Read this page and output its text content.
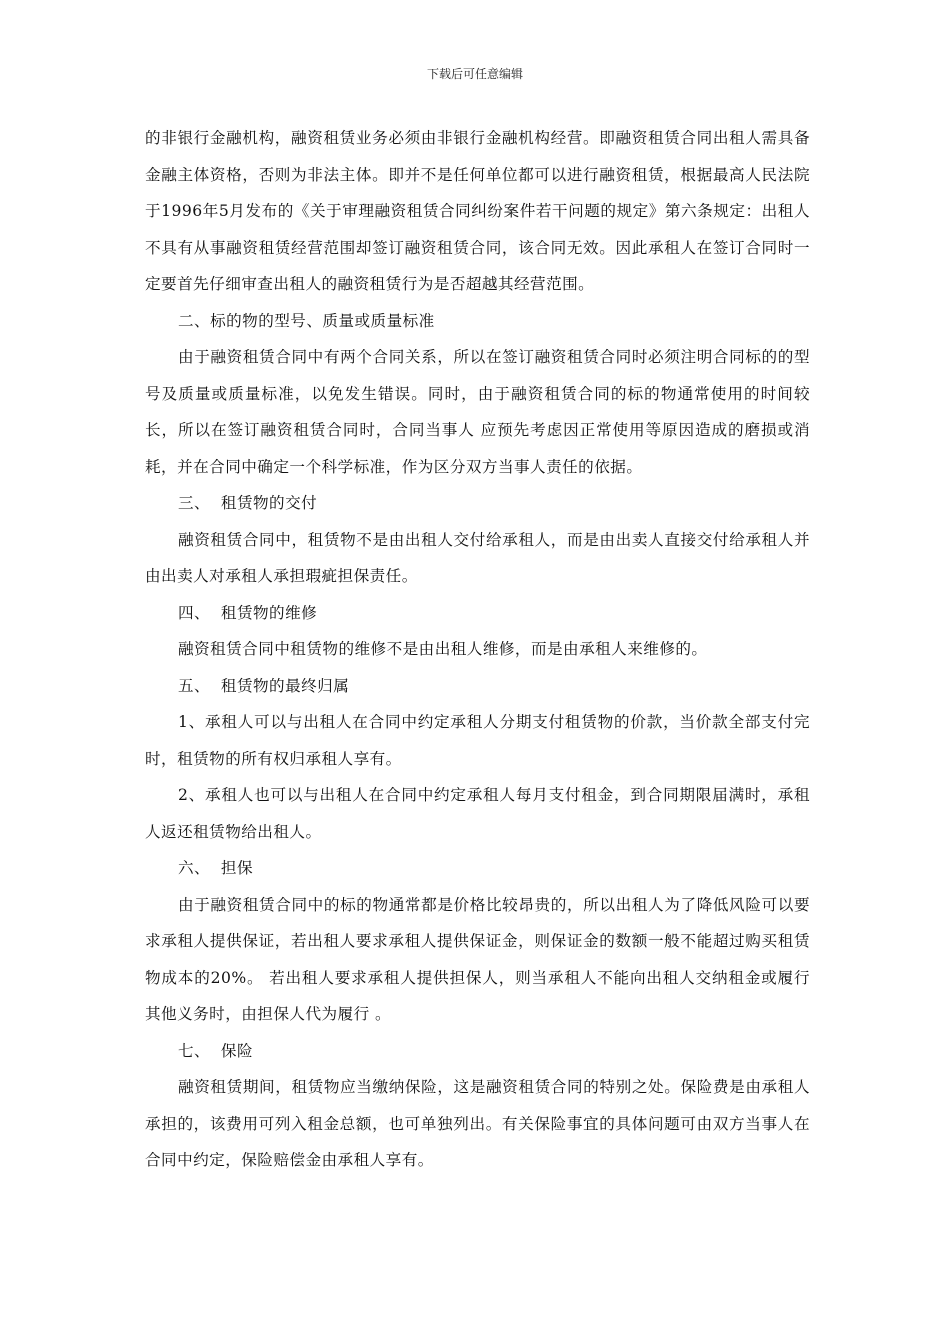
下载后可任意编辑

的非银行金融机构，融资租赁业务必须由非银行金融机构经营。即融资租赁合同出租人需具备金融主体资格，否则为非法主体。即并不是任何单位都可以进行融资租赁，根据最高人民法院于1996年5月发布的《关于审理融资租赁合同纠纷案件若干问题的规定》第六条规定：出租人不具有从事融资租赁经营范围却签订融资租赁合同，该合同无效。因此承租人在签订合同时一定要首先仔细审查出租人的融资租赁行为是否超越其经营范围。

二、标的物的型号、质量或质量标准

由于融资租赁合同中有两个合同关系，所以在签订融资租赁合同时必须注明合同标的的型号及质量或质量标准，以免发生错误。同时，由于融资租赁合同的标的物通常使用的时间较长，所以在签订融资租赁合同时，合同当事人 应预先考虑因正常使用等原因造成的磨损或消耗，并在合同中确定一个科学标准，作为区分双方当事人责任的依据。

三、  租赁物的交付

融资租赁合同中，租赁物不是由出租人交付给承租人，而是由出卖人直接交付给承租人并由出卖人对承租人承担瑕疵担保责任。

四、  租赁物的维修

融资租赁合同中租赁物的维修不是由出租人维修，而是由承租人来维修的。

五、  租赁物的最终归属

1、承租人可以与出租人在合同中约定承租人分期支付租赁物的价款，当价款全部支付完时，租赁物的所有权归承租人享有。

2、承租人也可以与出租人在合同中约定承租人每月支付租金，到合同期限届满时，承租人返还租赁物给出租人。

六、  担保

由于融资租赁合同中的标的物通常都是价格比较昂贵的，所以出租人为了降低风险可以要求承租人提供保证，若出租人要求承租人提供保证金，则保证金的数额一般不能超过购买租赁物成本的20%。 若出租人要求承租人提供担保人，则当承租人不能向出租人交纳租金或履行其他义务时，由担保人代为履行 。

七、  保险

融资租赁期间，租赁物应当缴纳保险，这是融资租赁合同的特别之处。保险费是由承租人承担的，该费用可列入租金总额，也可单独列出。有关保险事宜的具体问题可由双方当事人在合同中约定，保险赔偿金由承租人享有。
